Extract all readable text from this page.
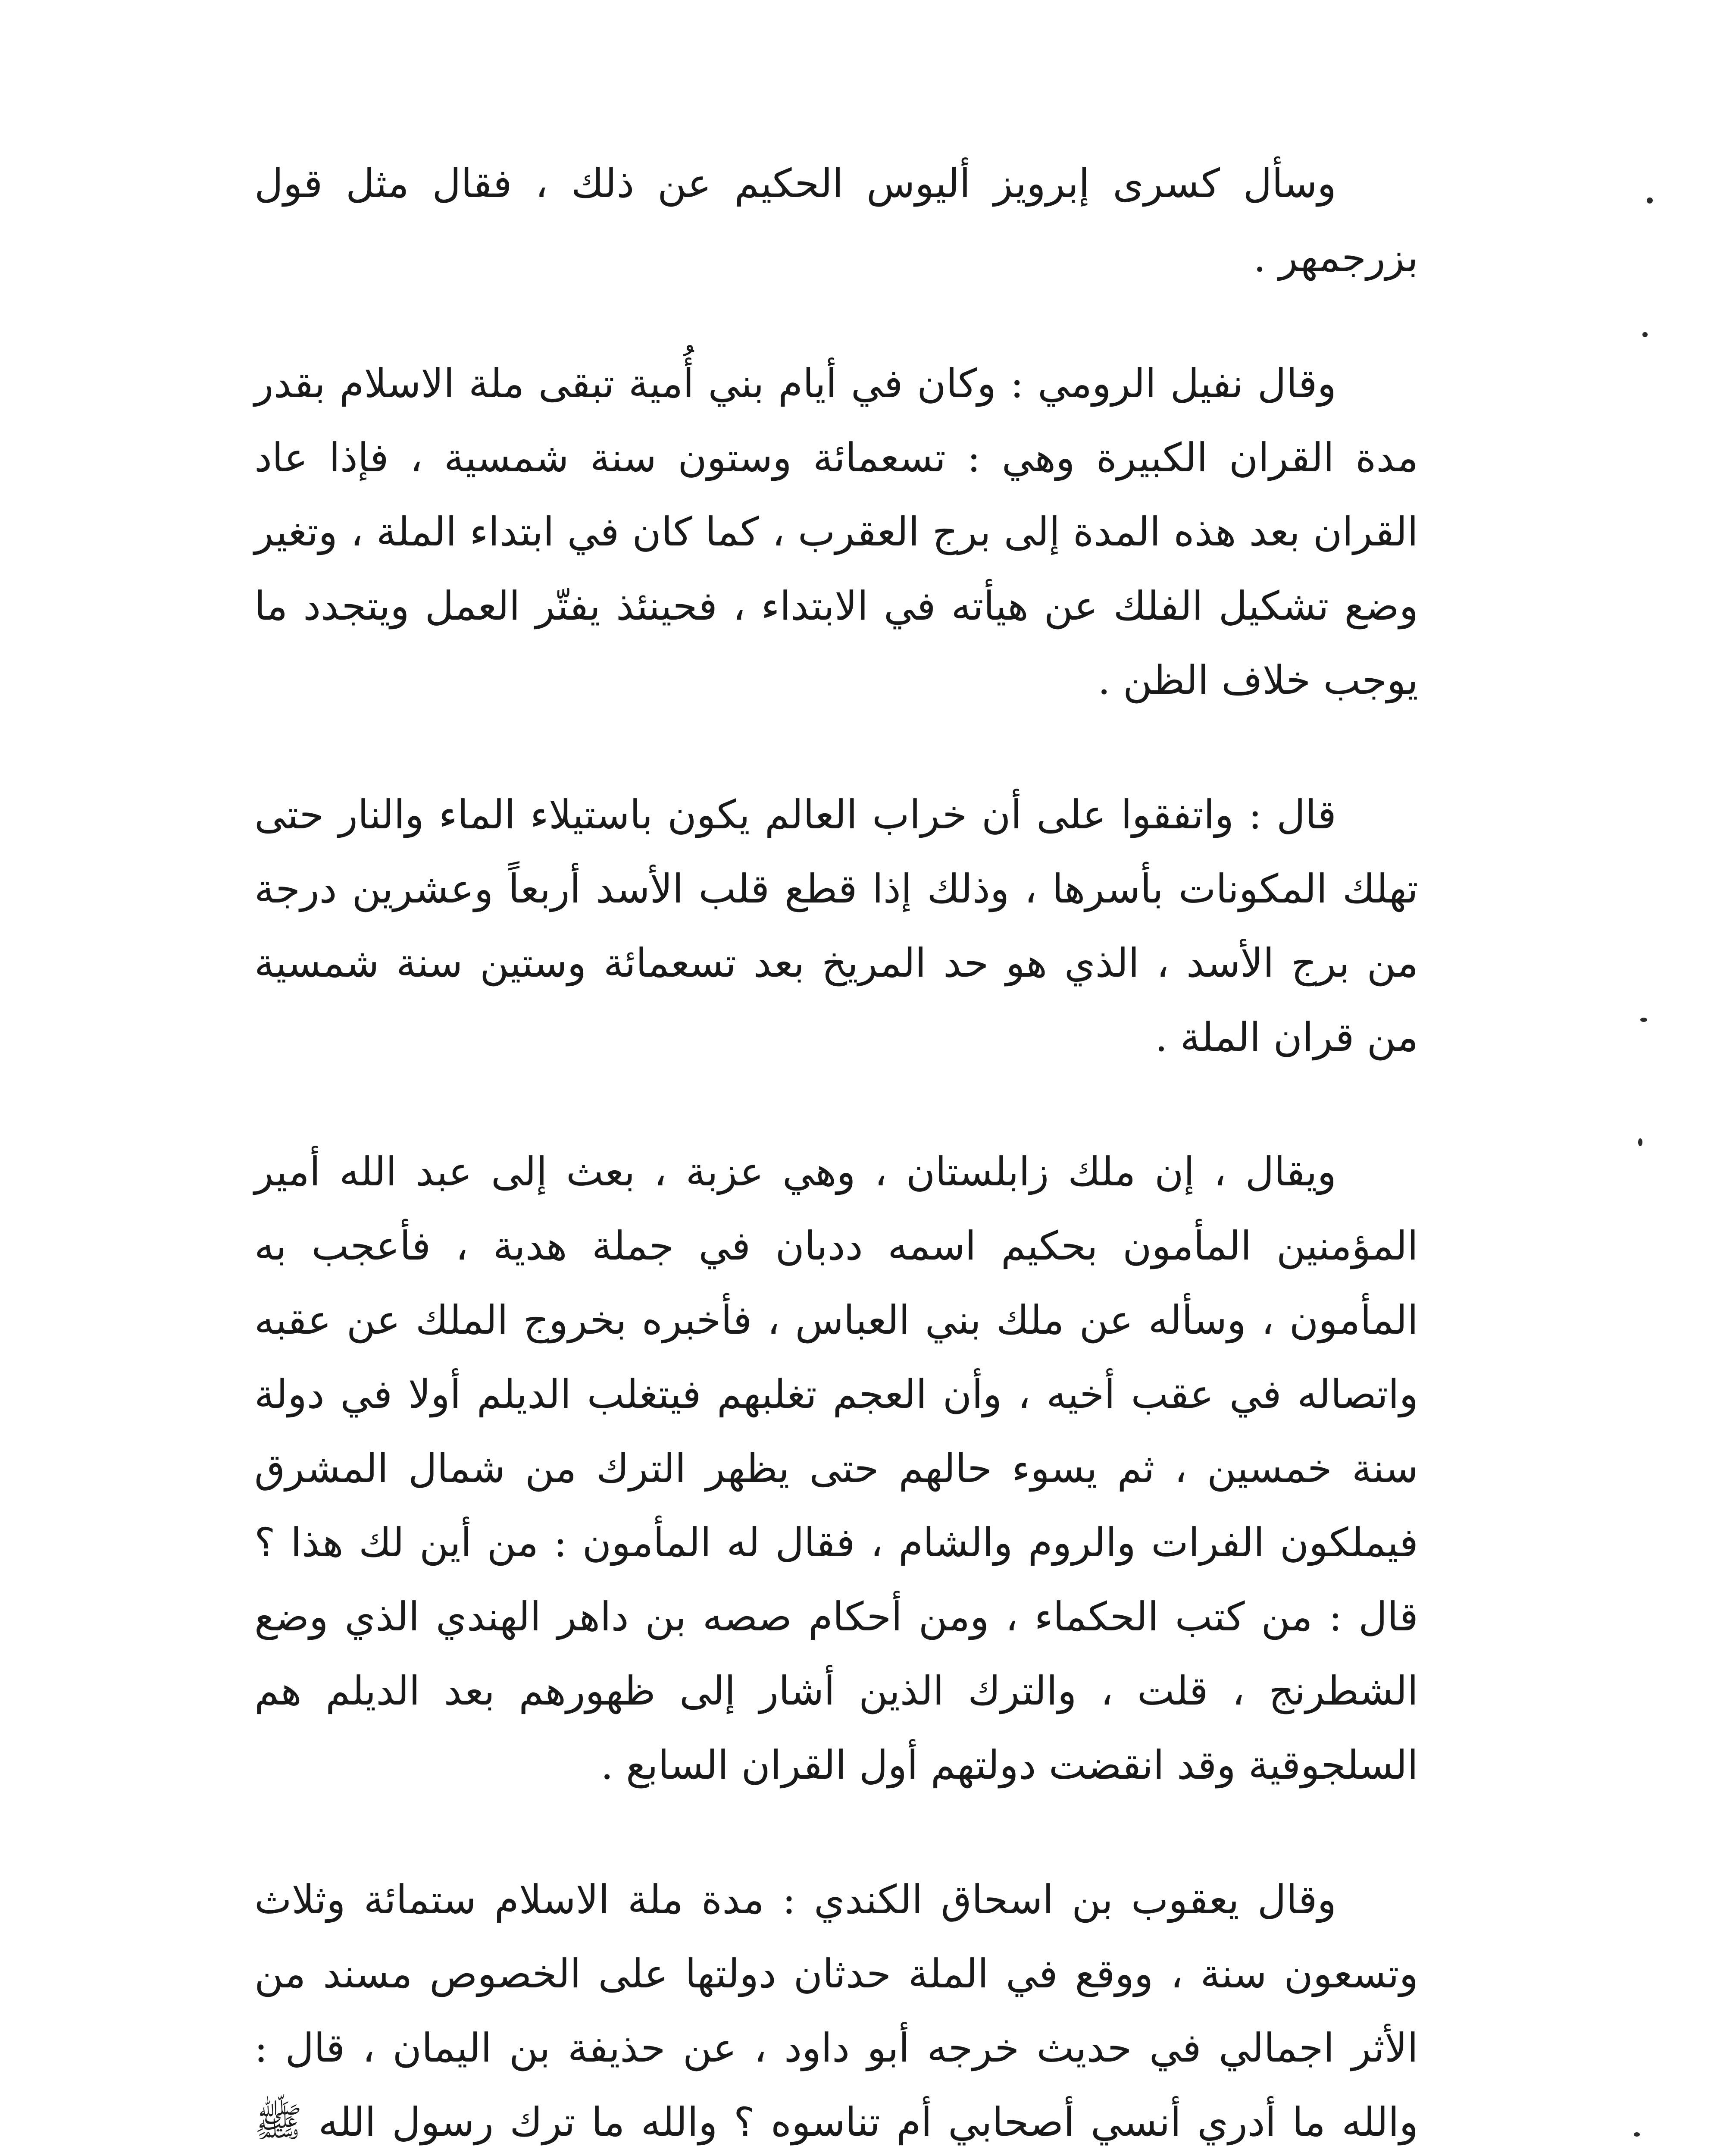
وسأل كسرى إبرويز أليوس الحكيم عن ذلك ، فقال مثل قول بزرجمهر .

وقال نفيل الرومي : وكان في أيام بني أُمية تبقى ملة الاسلام بقدر مدة القران الكبيرة وهي : تسعمائة وستون سنة شمسية ، فإذا عاد القران بعد هذه المدة إلى برج العقرب ، كما كان في ابتداء الملة ، وتغير وضع تشكيل الفلك عن هيأته في الابتداء ، فحينئذ يفتّر العمل ويتجدد ما يوجب خلاف الظن .

قال : واتفقوا على أن خراب العالم يكون باستيلاء الماء والنار حتى تهلك المكونات بأسرها ، وذلك إذا قطع قلب الأسد أربعاً وعشرين درجة من برج الأسد ، الذي هو حد المريخ بعد تسعمائة وستين سنة شمسية من قران الملة .

ويقال ، إن ملك زابلستان ، وهي عزبة ، بعث إلى عبد الله أمير المؤمنين المأمون بحكيم اسمه ددبان في جملة هدية ، فأعجب به المأمون ، وسأله عن ملك بني العباس ، فأخبره بخروج الملك عن عقبه واتصاله في عقب أخيه ، وأن العجم تغلبهم فيتغلب الديلم أولا في دولة سنة خمسين ، ثم يسوء حالهم حتى يظهر الترك من شمال المشرق فيملكون الفرات والروم والشام ، فقال له المأمون : من أين لك هذا ؟ قال : من كتب الحكماء ، ومن أحكام صصه بن داهر الهندي الذي وضع الشطرنج ، قلت ، والترك الذين أشار إلى ظهورهم بعد الديلم هم السلجوقية وقد انقضت دولتهم أول القران السابع .

وقال يعقوب بن اسحاق الكندي : مدة ملة الاسلام ستمائة وثلاث وتسعون سنة ، ووقع في الملة حدثان دولتها على الخصوص مسند من الأثر اجمالي في حديث خرجه أبو داود ، عن حذيفة بن اليمان ، قال : والله ما أدري أنسي أصحابي أم تناسوه ؟ والله ما ترك رسول الله ﷺ
